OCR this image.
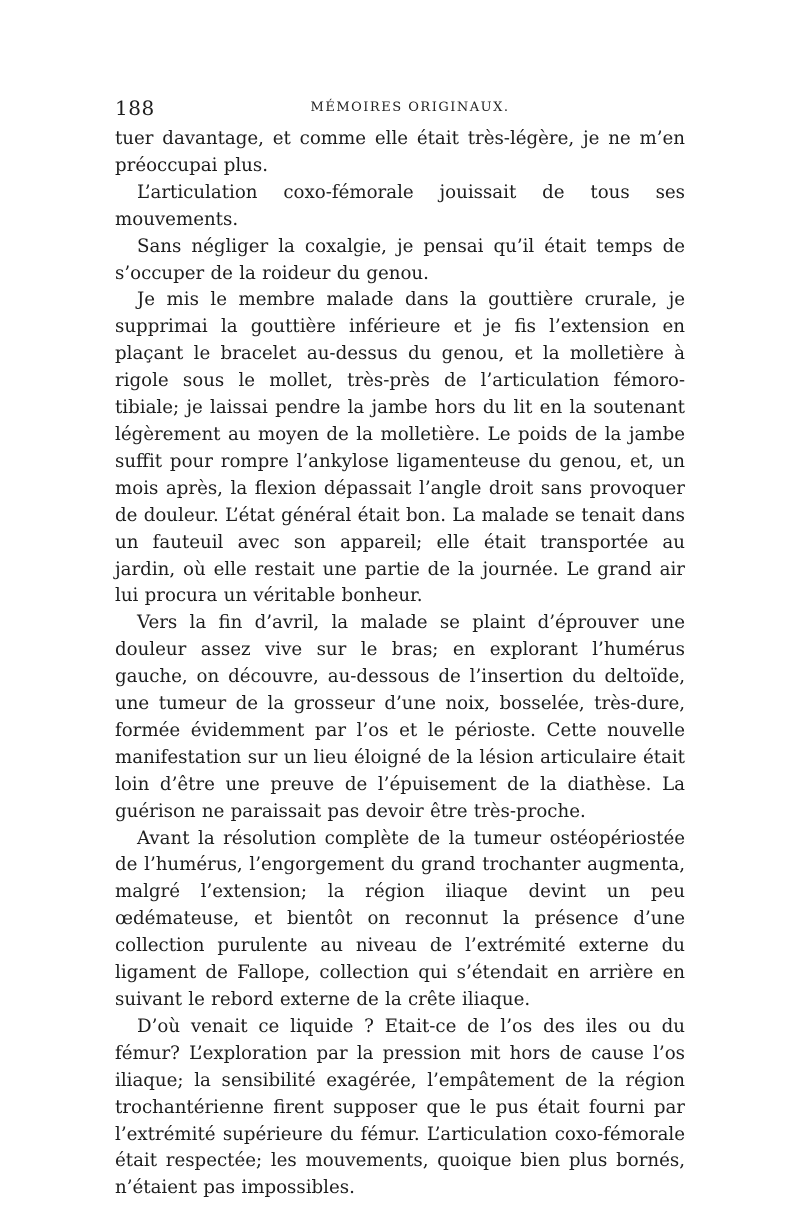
188	MÉMOIRES ORIGINAUX.

tuer davantage, et comme elle était très-légère, je ne m’en préoccupai plus.

L’articulation coxo-fémorale jouissait de tous ses mouvements.

Sans négliger la coxalgie, je pensai qu’il était temps de s’occuper de la roideur du genou.

Je mis le membre malade dans la gouttière crurale, je supprimai la gouttière inférieure et je fis l’extension en plaçant le bracelet au-dessus du genou, et la molletière à rigole sous le mollet, très-près de l’articulation fémoro-tibiale; je laissai pendre la jambe hors du lit en la soutenant légèrement au moyen de la molletière. Le poids de la jambe suffit pour rompre l’ankylose ligamenteuse du genou, et, un mois après, la flexion dépassait l’angle droit sans provoquer de douleur. L’état général était bon. La malade se tenait dans un fauteuil avec son appareil; elle était transportée au jardin, où elle restait une partie de la journée. Le grand air lui procura un véritable bonheur.

Vers la fin d’avril, la malade se plaint d’éprouver une douleur assez vive sur le bras; en explorant l’humérus gauche, on découvre, au-dessous de l’insertion du deltoïde, une tumeur de la grosseur d’une noix, bosselée, très-dure, formée évidemment par l’os et le périoste. Cette nouvelle manifestation sur un lieu éloigné de la lésion articulaire était loin d’être une preuve de l’épuisement de la diathèse. La guérison ne paraissait pas devoir être très-proche.

Avant la résolution complète de la tumeur ostéopériostée de l’humérus, l’engorgement du grand trochanter augmenta, malgré l’extension; la région iliaque devint un peu œdémateuse, et bientôt on reconnut la présence d’une collection purulente au niveau de l’extrémité externe du ligament de Fallope, collection qui s’étendait en arrière en suivant le rebord externe de la crête iliaque.

D’où venait ce liquide ? Etait-ce de l’os des iles ou du fémur? L’exploration par la pression mit hors de cause l’os iliaque; la sensibilité exagérée, l’empâtement de la région trochantérienne firent supposer que le pus était fourni par l’extrémité supérieure du fémur. L’articulation coxo-fémorale était respectée; les mouvements, quoique bien plus bornés, n’étaient pas impossibles.
